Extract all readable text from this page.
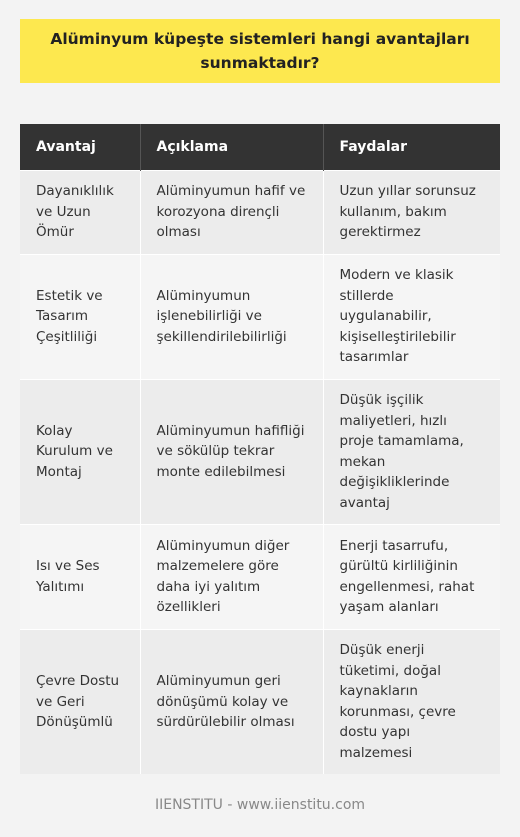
Alüminyum küpeşte sistemleri hangi avantajları sunmaktadır?
Avantaj	Açıklama	Faydalar
Dayanıklılık ve Uzun Ömür	Alüminyumun hafif ve korozyona dirençli olması	Uzun yıllar sorunsuz kullanım, bakım gerektirmez
Estetik ve Tasarım Çeşitliliği	Alüminyumun işlenebilirliği ve şekillendirilebilirliği	Modern ve klasik stillerde uygulanabilir, kişiselleştirilebilir tasarımlar
Kolay Kurulum ve Montaj	Alüminyumun hafifliği ve sökülüp tekrar monte edilebilmesi	Düşük işçilik maliyetleri, hızlı proje tamamlama, mekan değişikliklerinde avantaj
Isı ve Ses Yalıtımı	Alüminyumun diğer malzemelere göre daha iyi yalıtım özellikleri	Enerji tasarrufu, gürültü kirliliğinin engellenmesi, rahat yaşam alanları
Çevre Dostu ve Geri Dönüşümlü	Alüminyumun geri dönüşümü kolay ve sürdürülebilir olması	Düşük enerji tüketimi, doğal kaynakların korunması, çevre dostu yapı malzemesi
IIENSTITU - www.iienstitu.com
